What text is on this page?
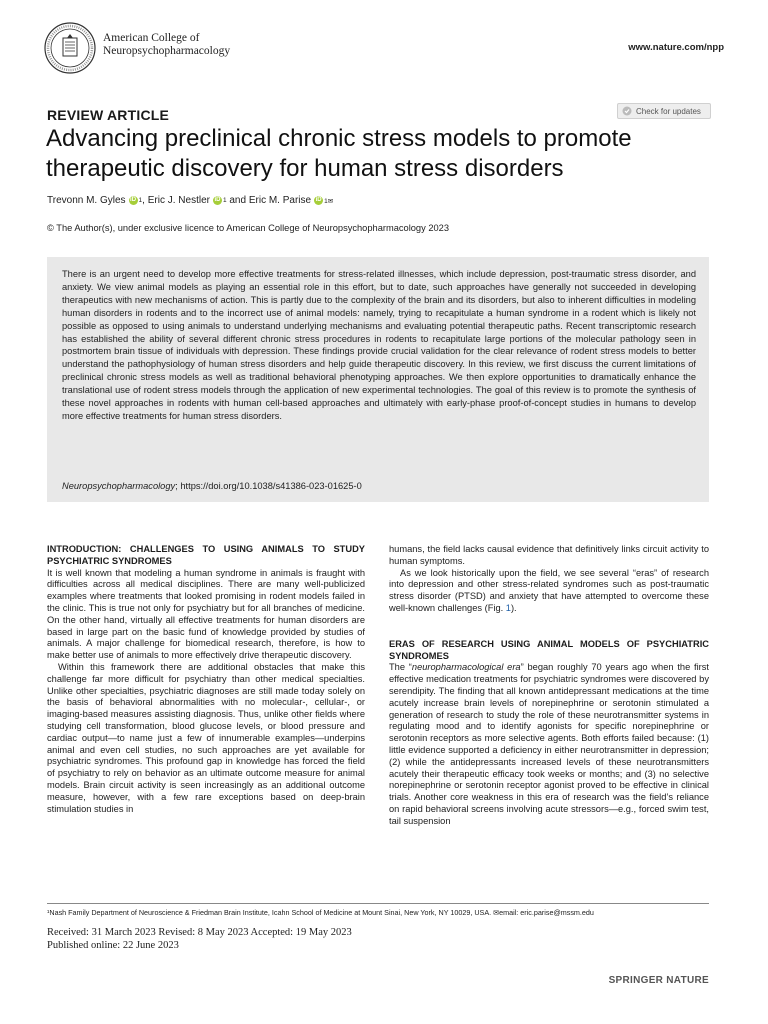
American College of
Neuropsychopharmacology	www.nature.com/npp
REVIEW ARTICLE	Check for updates
Advancing preclinical chronic stress models to promote therapeutic discovery for human stress disorders
Trevonn M. Gyles iD 1 , Eric J. Nestler iD 1 and Eric M. Parise iD 1✉
© The Author(s), under exclusive licence to American College of Neuropsychopharmacology 2023

There is an urgent need to develop more effective treatments for stress-related illnesses, which include depression, post-traumatic stress disorder, and anxiety. We view animal models as playing an essential role in this effort, but to date, such approaches have generally not succeeded in developing therapeutics with new mechanisms of action. This is partly due to the complexity of the brain and its disorders, but also to inherent difficulties in modeling human disorders in rodents and to the incorrect use of animal models: namely, trying to recapitulate a human syndrome in a rodent which is likely not possible as opposed to using animals to understand underlying mechanisms and evaluating potential therapeutic paths. Recent transcriptomic research has established the ability of several different chronic stress procedures in rodents to recapitulate large portions of the molecular pathology seen in postmortem brain tissue of individuals with depression. These findings provide crucial validation for the clear relevance of rodent stress models to better understand the pathophysiology of human stress disorders and help guide therapeutic discovery. In this review, we first discuss the current limitations of preclinical chronic stress models as well as traditional behavioral phenotyping approaches. We then explore opportunities to dramatically enhance the translational use of rodent stress models through the application of new experimental technologies. The goal of this review is to promote the synthesis of these novel approaches in rodents with human cell-based approaches and ultimately with early-phase proof-of-concept studies in humans to develop more effective treatments for human stress disorders.

Neuropsychopharmacology; https://doi.org/10.1038/s41386-023-01625-0
INTRODUCTION: CHALLENGES TO USING ANIMALS TO STUDY PSYCHIATRIC SYNDROMES

It is well known that modeling a human syndrome in animals is fraught with difficulties across all medical disciplines. There are many well-publicized examples where treatments that looked promising in rodent models failed in the clinic. This is true not only for psychiatry but for all branches of medicine. On the other hand, virtually all effective treatments for human disorders are based in large part on the basic fund of knowledge provided by studies of animals. A major challenge for biomedical research, therefore, is how to make better use of animals to more effectively drive therapeutic discovery.

Within this framework there are additional obstacles that make this challenge far more difficult for psychiatry than other medical specialties. Unlike other specialties, psychiatric diagnoses are still made today solely on the basis of behavioral abnormalities with no molecular-, cellular-, or imaging-based measures assisting diagnosis. Thus, unlike other fields where studying cell transformation, blood glucose levels, or blood pressure and cardiac output—to name just a few of innumerable examples—underpins animal and even cell studies, no such approaches are yet available for psychiatric syndromes. This profound gap in knowledge has forced the field of psychiatry to rely on behavior as an ultimate outcome measure for animal models. Brain circuit activity is seen increasingly as an additional outcome measure, however, with a few rare exceptions based on deep-brain stimulation studies in

humans, the field lacks causal evidence that definitively links circuit activity to human symptoms.

As we look historically upon the field, we see several “eras” of research into depression and other stress-related syndromes such as post-traumatic stress disorder (PTSD) and anxiety that have attempted to overcome these well-known challenges (Fig. 1).

ERAS OF RESEARCH USING ANIMAL MODELS OF PSYCHIATRIC SYNDROMES

The “neuropharmacological era” began roughly 70 years ago when the first effective medication treatments for psychiatric syndromes were discovered by serendipity. The finding that all known antidepressant medications at the time acutely increase brain levels of norepinephrine or serotonin stimulated a generation of research to study the role of these neurotransmitter systems in regulating mood and to identify agonists for specific norepinephrine or serotonin receptors as more selective agents. Both efforts failed because: (1) little evidence supported a deficiency in either neurotransmitter in depression; (2) while the antidepressants increased levels of these neurotransmitters acutely their therapeutic efficacy took weeks or months; and (3) no selective norepinephrine or serotonin receptor agonist proved to be effective in clinical trials. Another core weakness in this era of research was the field’s reliance on rapid behavioral screens involving acute stressors—e.g., forced swim test, tail suspension

¹Nash Family Department of Neuroscience & Friedman Brain Institute, Icahn School of Medicine at Mount Sinai, New York, NY 10029, USA. ✉email: eric.parise@mssm.edu
Received: 31 March 2023 Revised: 8 May 2023 Accepted: 19 May 2023
Published online: 22 June 2023
SPRINGER NATURE
